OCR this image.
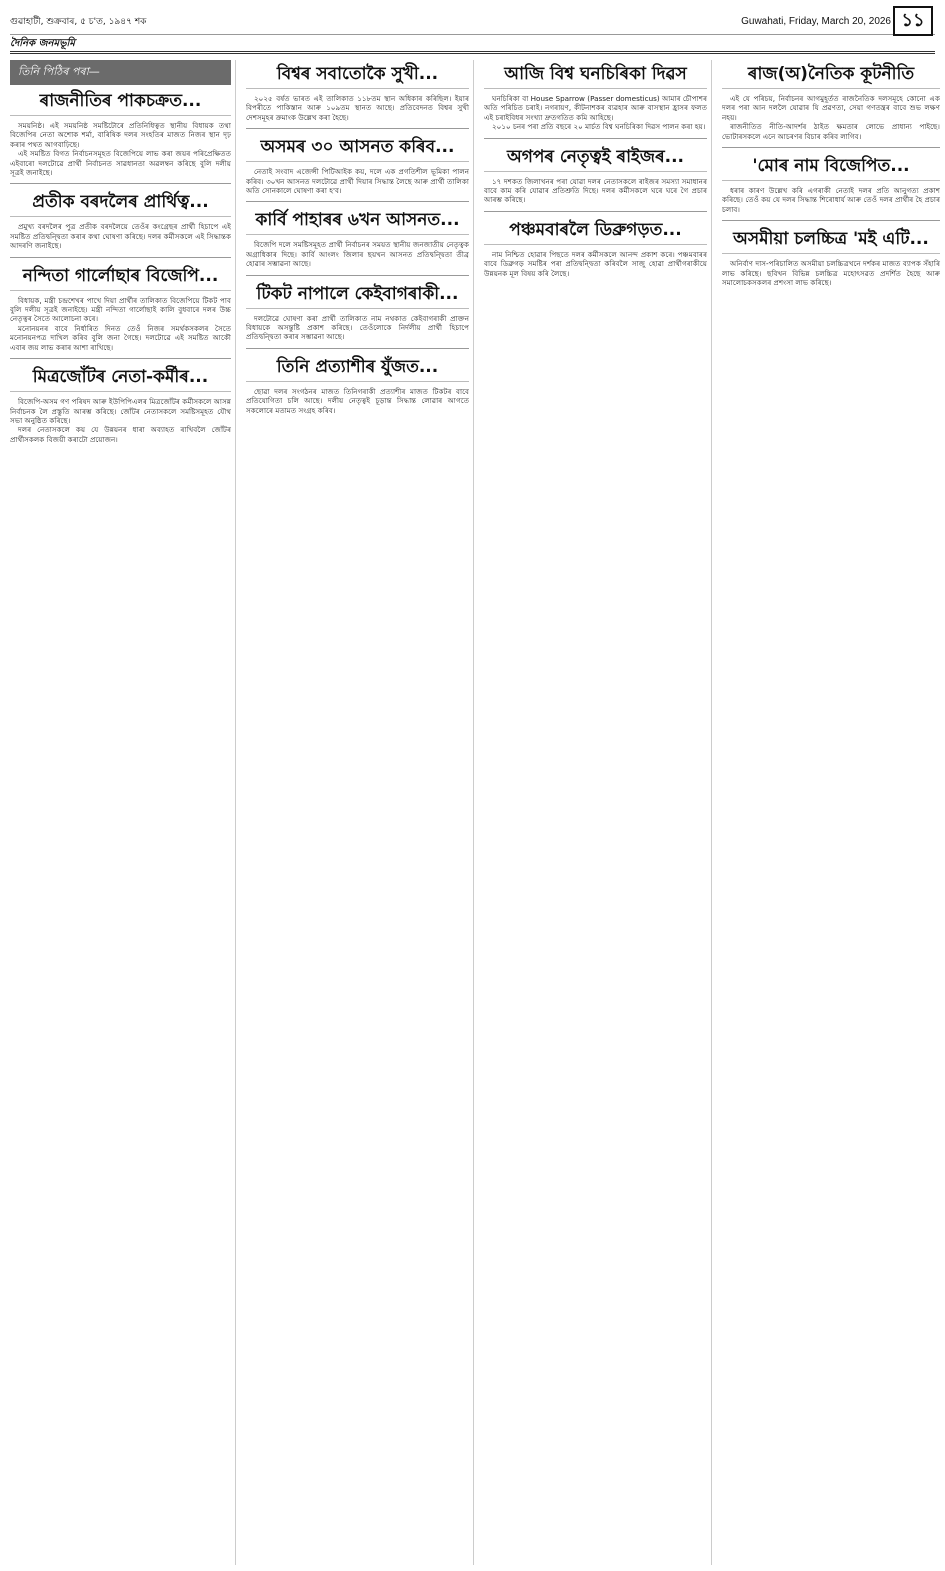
গুৱাহাটী, শুক্ৰবাৰ, ৫ চ'ত, ১৯৪৭ শক	Guwahati, Friday, March 20, 2026 ১১
দৈনিক জনমভূমি
তিনি পিঠিৰ পৰা—
ৰাজনীতিৰ পাকচক্ৰত...

সময়নিষ্ঠ। এই সময়নিষ্ঠ সমষ্টিটোৰে প্ৰতিনিধিত্বত স্থানীয় বিধায়ক তথা বিজেপিৰ নেতা অশোক শৰ্মা, বাৰিষিক দলৰ সংহতিৰ মাজত নিজৰ স্থান দৃঢ় কৰাৰ পথত আগবাঢ়িছে।

এই সমষ্টিত বিগত নিৰ্বাচনসমূহত বিজেপিয়ে লাভ কৰা জয়ৰ পৰিপ্ৰেক্ষিতত এইবাৰো দলটোৱে প্ৰাৰ্থী নিৰ্বাচনত সাৱধানতা অৱলম্বন কৰিছে বুলি দলীয় সূত্ৰই জনাইছে।

প্ৰতীক বৰদলৈৰ প্ৰাৰ্থিত্ব...

প্ৰমুখ্য বৰদলৈৰ পুত্ৰ প্ৰতীক বৰদলৈয়ে তেওঁৰ কংগ্ৰেছৰ প্ৰাৰ্থী হিচাপে এই সমষ্টিত প্ৰতিদ্বন্দ্বিতা কৰাৰ কথা ঘোষণা কৰিছে। দলৰ কৰ্মীসকলে এই সিদ্ধান্তক আদৰণি জনাইছে।

নন্দিতা গাৰ্লোছাৰ বিজেপি...

বিধায়ক, মন্ত্ৰী চন্দ্ৰশেখৰ পাখে দিয়া প্ৰাৰ্থীৰ তালিকাত বিজেপিয়ে টিকট পাব বুলি দলীয় সূত্ৰই জনাইছে। মন্ত্ৰী নন্দিতা গাৰ্লোছাই কালি বুধবাৰে দলৰ উচ্চ নেতৃত্বৰ সৈতে আলোচনা কৰে।

মনোনয়নৰ বাবে নিৰ্ধাৰিত দিনত তেওঁ নিজৰ সমৰ্থকসকলৰ সৈতে মনোনয়নপত্ৰ দাখিল কৰিব বুলি জনা গৈছে। দলটোৱে এই সমষ্টিত আকৌ এবাৰ জয় লাভ কৰাৰ আশা ৰাখিছে।

মিত্ৰজোঁটৰ নেতা-কৰ্মীৰ...

বিজেপি-অসম গণ পৰিষদ আৰু ইউপিপিএলৰ মিত্ৰজোঁটৰ কৰ্মীসকলে আসন্ন নিৰ্বাচনক লৈ প্ৰস্তুতি আৰম্ভ কৰিছে। জোঁটৰ নেতাসকলে সমষ্টিসমূহত যৌথ সভা অনুষ্ঠিত কৰিছে।

দলৰ নেতাসকলে কয় যে উন্নয়নৰ ধাৰা অব্যাহত ৰাখিবলৈ জোঁটৰ প্ৰাৰ্থীসকলক বিজয়ী কৰাটো প্ৰয়োজন।

বিশ্বৰ সবাতোকৈ সুখী...

২০২৫ বৰ্ষত ভাৰত এই তালিকাত ১১৮তম স্থান অধিকাৰ কৰিছিল। ইয়াৰ বিপৰীতে পাকিস্তান আৰু ১০৯তম স্থানত আছে। প্ৰতিবেদনত বিশ্বৰ সুখী দেশসমূহৰ ক্ৰমাংক উল্লেখ কৰা হৈছে।

অসমৰ ৩০ আসনত কৰিব...

নেতাই সংবাদ এজেন্সী পিটিআইক কয়, দলে এক প্ৰগতিশীল ভূমিকা পালন কৰিব। ৩০খন আসনত দলটোৱে প্ৰাৰ্থী দিয়াৰ সিদ্ধান্ত লৈছে আৰু প্ৰাৰ্থী তালিকা অতি সোনকালে ঘোষণা কৰা হ'ব।

কাৰ্বি পাহাৰৰ ৬খন আসনত...

বিজেপি দলে সমষ্টিসমূহত প্ৰাৰ্থী নিৰ্বাচনৰ সময়ত স্থানীয় জনজাতীয় নেতৃত্বক অগ্ৰাধিকাৰ দিছে। কাৰ্বি আংলং জিলাৰ ছয়খন আসনত প্ৰতিদ্বন্দ্বিতা তীব্ৰ হোৱাৰ সম্ভাৱনা আছে।

টিকট নাপালে কেইবাগৰাকী...

দলটোৱে ঘোষণা কৰা প্ৰাৰ্থী তালিকাত নাম নথকাত কেইবাগৰাকী প্ৰাক্তন বিধায়কে অসন্তুষ্টি প্ৰকাশ কৰিছে। তেওঁলোকে নিৰ্দলীয় প্ৰাৰ্থী হিচাপে প্ৰতিদ্বন্দ্বিতা কৰাৰ সম্ভাৱনা আছে।

তিনি প্ৰত্যাশীৰ যুঁজত...

ছোৱা দলৰ সংগঠনৰ মাজত তিনিগৰাকী প্ৰত্যাশীৰ মাজত টিকটৰ বাবে প্ৰতিযোগিতা চলি আছে। দলীয় নেতৃত্বই চূড়ান্ত সিদ্ধান্ত লোৱাৰ আগতে সকলোৰে মতামত সংগ্ৰহ কৰিব।

আজি বিশ্ব ঘনচিৰিকা দিৱস

ঘনচিৰিকা বা House Sparrow (Passer domesticus) আমাৰ চৌপাশৰ অতি পৰিচিত চৰাই। নগৰায়ণ, কীটনাশকৰ ব্যৱহাৰ আৰু বাসস্থান হ্ৰাসৰ ফলত এই চৰাইবিধৰ সংখ্যা দ্ৰুতগতিত কমি আহিছে।

২০১০ চনৰ পৰা প্ৰতি বছৰে ২০ মাৰ্চত বিশ্ব ঘনচিৰিকা দিৱস পালন কৰা হয়।

অগপৰ নেতৃত্বই ৰাইজৰ...

১৭ দশকত জিলাখনৰ পৰা যোৱা দলৰ নেতাসকলে ৰাইজৰ সমস্যা সমাধানৰ বাবে কাম কৰি যোৱাৰ প্ৰতিশ্ৰুতি দিছে। দলৰ কৰ্মীসকলে ঘৰে ঘৰে গৈ প্ৰচাৰ আৰম্ভ কৰিছে।

পঞ্চমবাৰলৈ ডিব্ৰুগড়ত...

নাম নিশ্চিত হোৱাৰ পিছতে দলৰ কৰ্মীসকলে আনন্দ প্ৰকাশ কৰে। পঞ্চমবাৰৰ বাবে ডিব্ৰুগড় সমষ্টিৰ পৰা প্ৰতিদ্বন্দ্বিতা কৰিবলৈ সাজু হোৱা প্ৰাৰ্থীগৰাকীয়ে উন্নয়নক মূল বিষয় কৰি লৈছে।

ৰাজ(অ)নৈতিক কূটনীতি

এই যে পৰিচয়, নিৰ্বাচনৰ আগমুহূৰ্তত ৰাজনৈতিক দলসমূহে কোনো এক দলৰ পৰা আন দললৈ যোৱাৰ যি প্ৰৱণতা, সেয়া গণতন্ত্ৰৰ বাবে শুভ লক্ষণ নহয়।

ৰাজনীতিত নীতি-আদৰ্শৰ ঠাইত ক্ষমতাৰ লোভে প্ৰাধান্য পাইছে। ভোটাৰসকলে এনে আচৰণৰ বিচাৰ কৰিব লাগিব।

'মোৰ নাম বিজেপিত...

ধৰাৰ কাৰণ উল্লেখ কৰি এগৰাকী নেতাই দলৰ প্ৰতি আনুগত্য প্ৰকাশ কৰিছে। তেওঁ কয় যে দলৰ সিদ্ধান্ত শিৰোধাৰ্য আৰু তেওঁ দলৰ প্ৰাৰ্থীৰ হৈ প্ৰচাৰ চলাব।

অসমীয়া চলচ্চিত্ৰ 'মই এটি...

অনিৰ্বাণ দাস-পৰিচালিত অসমীয়া চলচ্চিত্ৰখনে দৰ্শকৰ মাজত ব্যাপক সঁহাৰি লাভ কৰিছে। ছবিখন বিভিন্ন চলচ্চিত্ৰ মহোৎসৱত প্ৰদৰ্শিত হৈছে আৰু সমালোচকসকলৰ প্ৰশংসা লাভ কৰিছে।
